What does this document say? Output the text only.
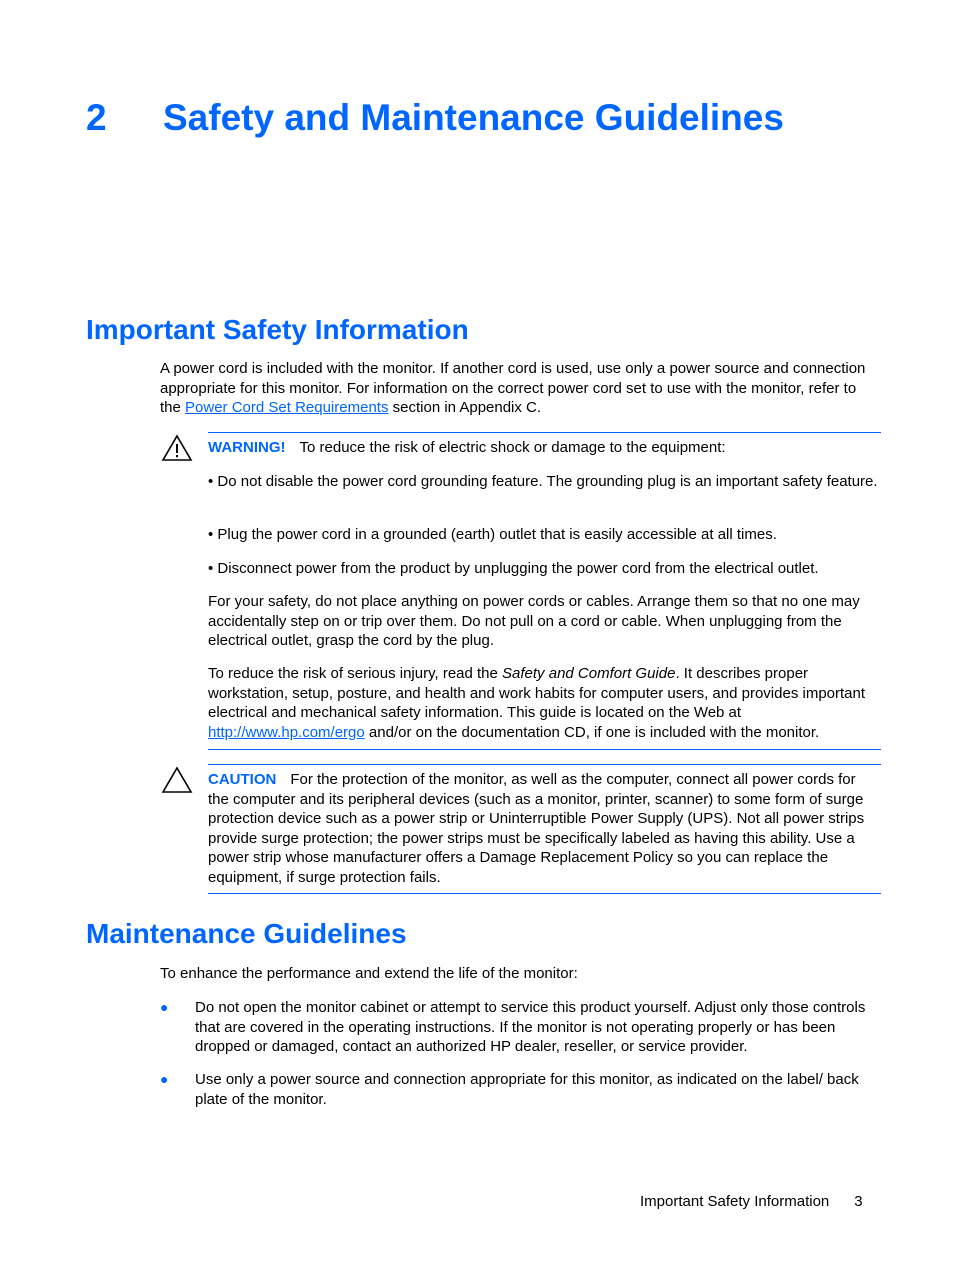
2 Safety and Maintenance Guidelines
Important Safety Information

A power cord is included with the monitor. If another cord is used, use only a power source and connection appropriate for this monitor. For information on the correct power cord set to use with the monitor, refer to the Power Cord Set Requirements section in Appendix C.

WARNING! To reduce the risk of electric shock or damage to the equipment:

• Do not disable the power cord grounding feature. The grounding plug is an important safety feature.

• Plug the power cord in a grounded (earth) outlet that is easily accessible at all times.

• Disconnect power from the product by unplugging the power cord from the electrical outlet.

For your safety, do not place anything on power cords or cables. Arrange them so that no one may accidentally step on or trip over them. Do not pull on a cord or cable. When unplugging from the electrical outlet, grasp the cord by the plug.

To reduce the risk of serious injury, read the Safety and Comfort Guide. It describes proper workstation, setup, posture, and health and work habits for computer users, and provides important electrical and mechanical safety information. This guide is located on the Web at http://www.hp.com/ergo and/or on the documentation CD, if one is included with the monitor.

CAUTION For the protection of the monitor, as well as the computer, connect all power cords for the computer and its peripheral devices (such as a monitor, printer, scanner) to some form of surge protection device such as a power strip or Uninterruptible Power Supply (UPS). Not all power strips provide surge protection; the power strips must be specifically labeled as having this ability. Use a power strip whose manufacturer offers a Damage Replacement Policy so you can replace the equipment, if surge protection fails.

Maintenance Guidelines

To enhance the performance and extend the life of the monitor:

● Do not open the monitor cabinet or attempt to service this product yourself. Adjust only those controls that are covered in the operating instructions. If the monitor is not operating properly or has been dropped or damaged, contact an authorized HP dealer, reseller, or service provider.

● Use only a power source and connection appropriate for this monitor, as indicated on the label/ back plate of the monitor.

Important Safety Information 3
